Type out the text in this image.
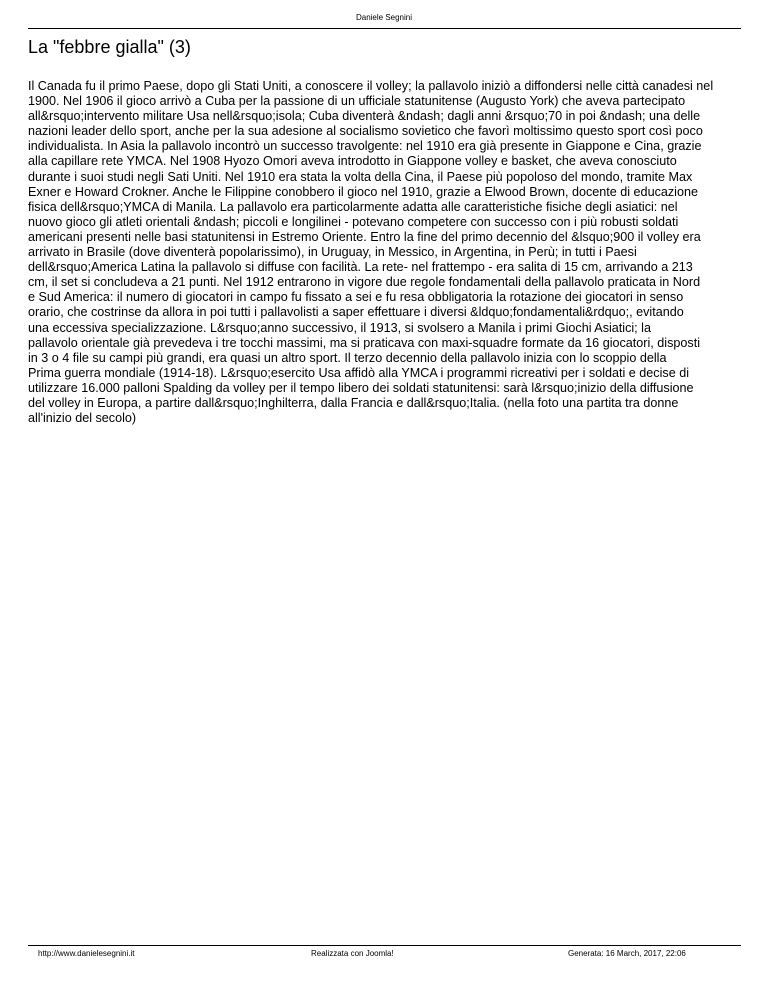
Daniele Segnini
La "febbre gialla" (3)

Il Canada fu il primo Paese, dopo gli Stati Uniti, a conoscere il volley; la pallavolo iniziò a diffondersi nelle città canadesi nel
1900. Nel 1906 il gioco arrivò a Cuba per la passione di un ufficiale statunitense (Augusto York) che aveva partecipato
all&rsquo;intervento militare Usa nell&rsquo;isola; Cuba diventerà &ndash; dagli anni &rsquo;70 in poi &ndash; una delle
nazioni leader dello sport, anche per la sua adesione al socialismo sovietico che favorì moltissimo questo sport così poco
individualista. In Asia la pallavolo incontrò un successo travolgente: nel 1910 era già presente in Giappone e Cina, grazie
alla capillare rete YMCA. Nel 1908 Hyozo Omori aveva introdotto in Giappone volley e basket, che aveva conosciuto
durante i suoi studi negli Sati Uniti. Nel 1910 era stata la volta della Cina, il Paese più popoloso del mondo, tramite Max
Exner e Howard Crokner. Anche le Filippine conobbero il gioco nel 1910, grazie a Elwood Brown, docente di educazione
fisica dell&rsquo;YMCA di Manila. La pallavolo era particolarmente adatta alle caratteristiche fisiche degli asiatici: nel
nuovo gioco gli atleti orientali &ndash; piccoli e longilinei - potevano competere con successo con i più robusti soldati
americani presenti nelle basi statunitensi in Estremo Oriente. Entro la fine del primo decennio del &lsquo;900 il volley era
arrivato in Brasile (dove diventerà popolarissimo), in Uruguay, in Messico, in Argentina, in Perù; in tutti i Paesi
dell&rsquo;America Latina la pallavolo si diffuse con facilità. La rete- nel frattempo - era salita di 15 cm, arrivando a 213
cm, il set si concludeva a 21 punti. Nel 1912 entrarono in vigore due regole fondamentali della pallavolo praticata in Nord
e Sud America: il numero di giocatori in campo fu fissato a sei e fu resa obbligatoria la rotazione dei giocatori in senso
orario, che costrinse da allora in poi tutti i pallavolisti a saper effettuare i diversi &ldquo;fondamentali&rdquo;, evitando
una eccessiva specializzazione. L&rsquo;anno successivo, il 1913, si svolsero a Manila i primi Giochi Asiatici; la
pallavolo orientale già prevedeva i tre tocchi massimi, ma si praticava con maxi-squadre formate da 16 giocatori, disposti
in 3 o 4 file su campi più grandi, era quasi un altro sport. Il terzo decennio della pallavolo inizia con lo scoppio della
Prima guerra mondiale (1914-18). L&rsquo;esercito Usa affidò alla YMCA i programmi ricreativi per i soldati e decise di
utilizzare 16.000 palloni Spalding da volley per il tempo libero dei soldati statunitensi: sarà l&rsquo;inizio della diffusione
del volley in Europa, a partire dall&rsquo;Inghilterra, dalla Francia e dall&rsquo;Italia. (nella foto una partita tra donne
all'inizio del secolo)

http://www.danielesegnini.it	Realizzata con Joomla!	Generata: 16 March, 2017, 22:06
